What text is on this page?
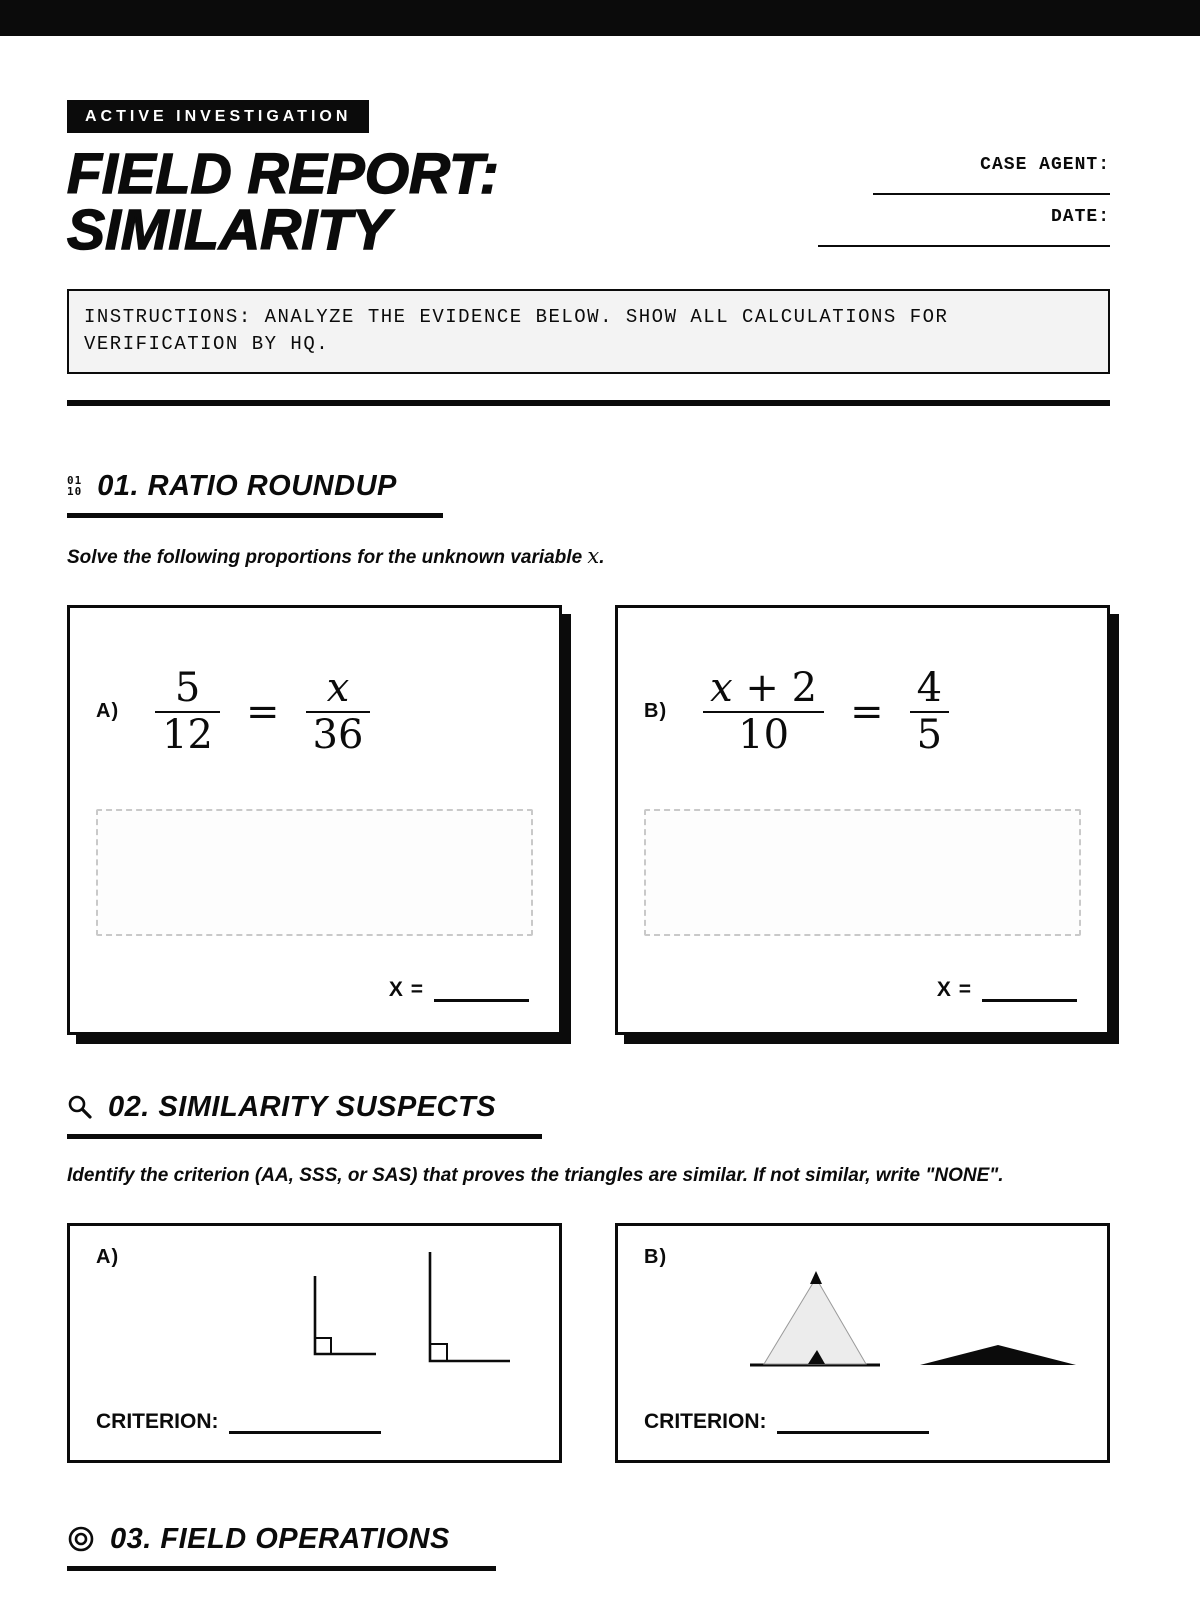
ACTIVE INVESTIGATION
FIELD REPORT:
SIMILARITY
CASE AGENT:
DATE:
INSTRUCTIONS: ANALYZE THE EVIDENCE BELOW. SHOW ALL CALCULATIONS FOR VERIFICATION BY HQ.
01
10 01. RATIO ROUNDUP
Solve the following proportions for the unknown variable x.
$A) \frac{5}{12} = \frac{x}{36}$
X =
$B) \frac{x + 2}{10} = \frac{4}{5}$
X =
02. SIMILARITY SUSPECTS
Identify the criterion (AA, SSS, or SAS) that proves the triangles are similar. If not similar, write "NONE".
A)
CRITERION:
B)
CRITERION:
03. FIELD OPERATIONS
